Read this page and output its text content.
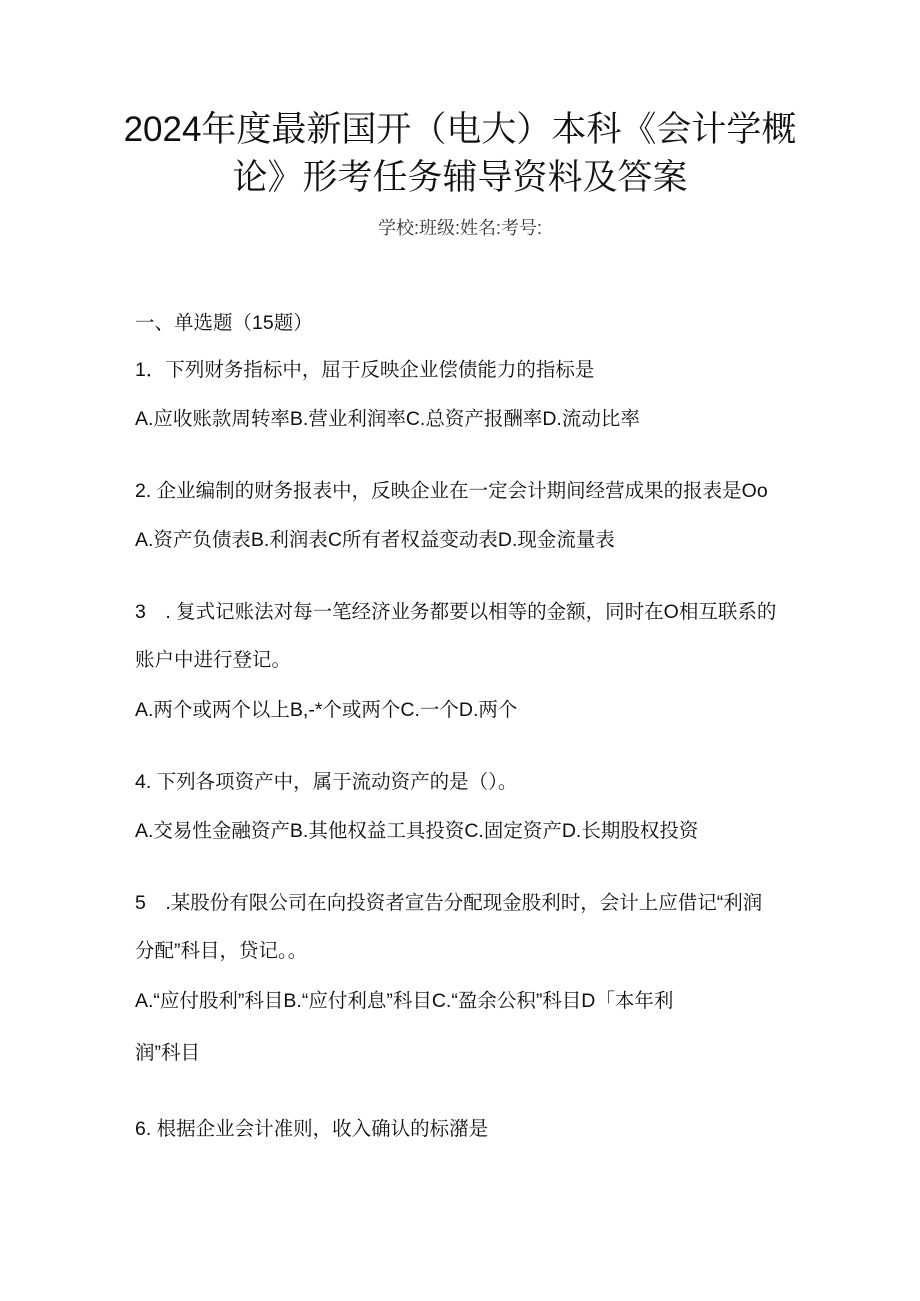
2024年度最新国开（电大）本科《会计学概
论》形考任务辅导资料及答案
学校:班级:姓名:考号:
一、单选题（15题）
1．下列财务指标中，屈于反映企业偿债能力的指标是
A.应收账款周转率B.营业利润率C.总资产报酬率D.流动比率
2. 企业编制的财务报表中，反映企业在一定会计期间经营成果的报表是Oo
A.资产负债表B.利润表C所有者权益变动表D.现金流量表
3　. 复式记账法对每一笔经济业务都要以相等的金额，同时在O相互联系的
账户中进行登记。
A.两个或两个以上B,-*个或两个C.一个D.两个
4. 下列各项资产中，属于流动资产的是（）。
A.交易性金融资产B.其他权益工具投资C.固定资产D.长期股权投资
5　.某股份有限公司在向投资者宣告分配现金股利时，会计上应借记“利润
分配”科目，贷记。。
A.“应付股利”科目B.“应付利息”科目C.“盈余公积”科目D「本年利
润”科目
6. 根据企业会计准则，收入确认的标潴是
